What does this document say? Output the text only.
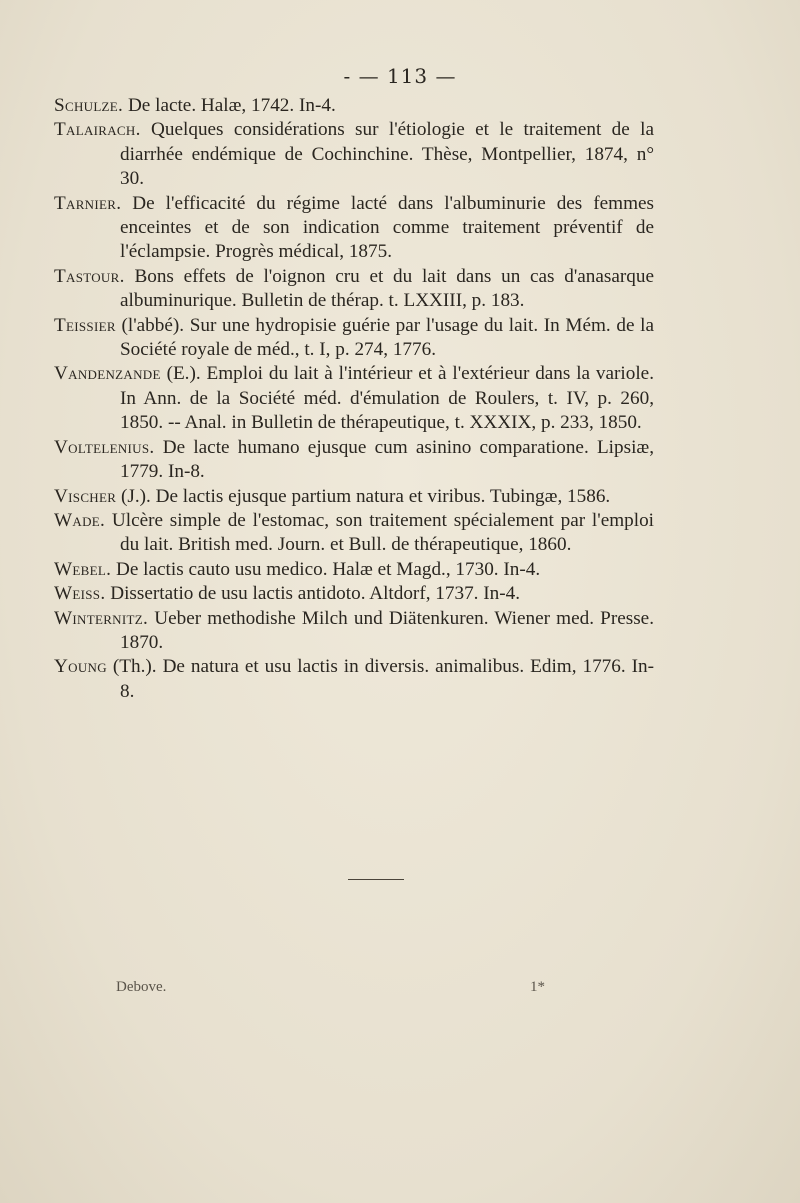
- — 113 —
Schulze. De lacte. Halæ, 1742. In-4.
Talairach. Quelques considérations sur l'étiologie et le traitement de la diarrhée endémique de Cochinchine. Thèse, Montpellier, 1874, n° 30.
Tarnier. De l'efficacité du régime lacté dans l'albuminurie des femmes enceintes et de son indication comme traitement préventif de l'éclampsie. Progrès médical, 1875.
Tastour. Bons effets de l'oignon cru et du lait dans un cas d'anasarque albuminurique. Bulletin de thérap. t. LXXIII, p. 183.
Teissier (l'abbé). Sur une hydropisie guérie par l'usage du lait. In Mém. de la Société royale de méd., t. I, p. 274, 1776.
Vandenzande (E.). Emploi du lait à l'intérieur et à l'extérieur dans la variole. In Ann. de la Société méd. d'émulation de Roulers, t. IV, p. 260, 1850. -- Anal. in Bulletin de thérapeutique, t. XXXIX, p. 233, 1850.
Voltelenius. De lacte humano ejusque cum asinino comparatione. Lipsiæ, 1779. In-8.
Vischer (J.). De lactis ejusque partium natura et viribus. Tubingæ, 1586.
Wade. Ulcère simple de l'estomac, son traitement spécialement par l'emploi du lait. British med. Journ. et Bull. de thérapeutique, 1860.
Webel. De lactis cauto usu medico. Halæ et Magd., 1730. In-4.
Weiss. Dissertatio de usu lactis antidoto. Altdorf, 1737. In-4.
Winternitz. Ueber methodishe Milch und Diätenkuren. Wiener med. Presse. 1870.
Young (Th.). De natura et usu lactis in diversis. animalibus. Edim, 1776. In-8.
Debove.	1*
